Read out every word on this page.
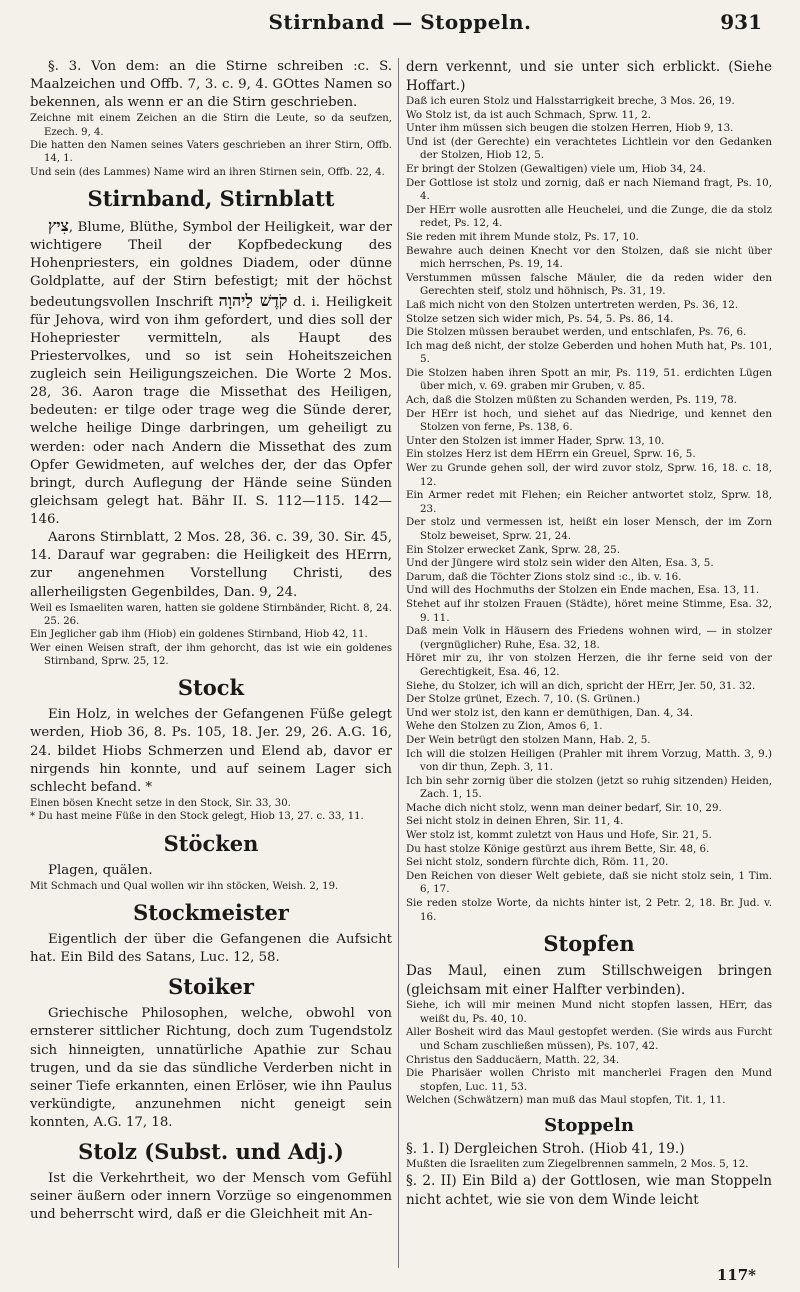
Stirnband — Stoppeln.	931

§. 3. Von dem: an die Stirne schreiben :c. S. Maalzeichen und Offb. 7, 3. c. 9, 4. GOttes Namen so bekennen, als wenn er an die Stirn geschrieben.

Zeichne mit einem Zeichen an die Stirn die Leute, so da seufzen, Ezech. 9, 4.

Die hatten den Namen seines Vaters geschrieben an ihrer Stirn, Offb. 14, 1.

Und sein (des Lammes) Name wird an ihren Stirnen sein, Offb. 22, 4.

Stirnband, Stirnblatt

צִיץ, Blume, Blüthe, Symbol der Heiligkeit, war der wichtigere Theil der Kopfbedeckung des Hohenpriesters, ein goldnes Diadem, oder dünne Goldplatte, auf der Stirn befestigt; mit der höchst bedeutungsvollen Inschrift קֹדֶשׁ לַיהוָה d. i. Heiligkeit für Jehova, wird von ihm gefordert, und dies soll der Hohepriester vermitteln, als Haupt des Priestervolkes, und so ist sein Hoheitszeichen zugleich sein Heiligungszeichen. Die Worte 2 Mos. 28, 36. Aaron trage die Missethat des Heiligen, bedeuten: er tilge oder trage weg die Sünde derer, welche heilige Dinge darbringen, um geheiligt zu werden: oder nach Andern die Missethat des zum Opfer Gewidmeten, auf welches der, der das Opfer bringt, durch Auflegung der Hände seine Sünden gleichsam gelegt hat. Bähr II. S. 112—115. 142—146.

Aarons Stirnblatt, 2 Mos. 28, 36. c. 39, 30. Sir. 45, 14. Darauf war gegraben: die Heiligkeit des HErrn, zur angenehmen Vorstellung Christi, des allerheiligsten Gegenbildes, Dan. 9, 24.

Weil es Ismaeliten waren, hatten sie goldene Stirnbänder, Richt. 8, 24. 25. 26.

Ein Jeglicher gab ihm (Hiob) ein goldenes Stirnband, Hiob 42, 11.

Wer einen Weisen straft, der ihm gehorcht, das ist wie ein goldenes Stirnband, Sprw. 25, 12.

Stock

Ein Holz, in welches der Gefangenen Füße gelegt werden, Hiob 36, 8. Ps. 105, 18. Jer. 29, 26. A.G. 16, 24. bildet Hiobs Schmerzen und Elend ab, davor er nirgends hin konnte, und auf seinem Lager sich schlecht befand. *

Einen bösen Knecht setze in den Stock, Sir. 33, 30.

* Du hast meine Füße in den Stock gelegt, Hiob 13, 27. c. 33, 11.

Stöcken

Plagen, quälen.

Mit Schmach und Qual wollen wir ihn stöcken, Weish. 2, 19.

Stockmeister

Eigentlich der über die Gefangenen die Aufsicht hat. Ein Bild des Satans, Luc. 12, 58.

Stoiker

Griechische Philosophen, welche, obwohl von ernsterer sittlicher Richtung, doch zum Tugendstolz sich hinneigten, unnatürliche Apathie zur Schau trugen, und da sie das sündliche Verderben nicht in seiner Tiefe erkannten, einen Erlöser, wie ihn Paulus verkündigte, anzunehmen nicht geneigt sein konnten, A.G. 17, 18.

Stolz (Subst. und Adj.)

Ist die Verkehrtheit, wo der Mensch vom Gefühl seiner äußern oder innern Vorzüge so eingenommen und beherrscht wird, daß er die Gleichheit mit An-

dern verkennt, und sie unter sich erblickt. (Siehe Hoffart.)

Daß ich euren Stolz und Halsstarrigkeit breche, 3 Mos. 26, 19.

Wo Stolz ist, da ist auch Schmach, Sprw. 11, 2.

Unter ihm müssen sich beugen die stolzen Herren, Hiob 9, 13.

Und ist (der Gerechte) ein verachtetes Lichtlein vor den Gedanken der Stolzen, Hiob 12, 5.

Er bringt der Stolzen (Gewaltigen) viele um, Hiob 34, 24.

Der Gottlose ist stolz und zornig, daß er nach Niemand fragt, Ps. 10, 4.

Der HErr wolle ausrotten alle Heuchelei, und die Zunge, die da stolz redet, Ps. 12, 4.

Sie reden mit ihrem Munde stolz, Ps. 17, 10.

Bewahre auch deinen Knecht vor den Stolzen, daß sie nicht über mich herrschen, Ps. 19, 14.

Verstummen müssen falsche Mäuler, die da reden wider den Gerechten steif, stolz und höhnisch, Ps. 31, 19.

Laß mich nicht von den Stolzen untertreten werden, Ps. 36, 12.

Stolze setzen sich wider mich, Ps. 54, 5. Ps. 86, 14.

Die Stolzen müssen beraubet werden, und entschlafen, Ps. 76, 6.

Ich mag deß nicht, der stolze Geberden und hohen Muth hat, Ps. 101, 5.

Die Stolzen haben ihren Spott an mir, Ps. 119, 51. erdichten Lügen über mich, v. 69. graben mir Gruben, v. 85.

Ach, daß die Stolzen müßten zu Schanden werden, Ps. 119, 78.

Der HErr ist hoch, und siehet auf das Niedrige, und kennet den Stolzen von ferne, Ps. 138, 6.

Unter den Stolzen ist immer Hader, Sprw. 13, 10.

Ein stolzes Herz ist dem HErrn ein Greuel, Sprw. 16, 5.

Wer zu Grunde gehen soll, der wird zuvor stolz, Sprw. 16, 18. c. 18, 12.

Ein Armer redet mit Flehen; ein Reicher antwortet stolz, Sprw. 18, 23.

Der stolz und vermessen ist, heißt ein loser Mensch, der im Zorn Stolz beweiset, Sprw. 21, 24.

Ein Stolzer erwecket Zank, Sprw. 28, 25.

Und der Jüngere wird stolz sein wider den Alten, Esa. 3, 5.

Darum, daß die Töchter Zions stolz sind :c., ib. v. 16.

Und will des Hochmuths der Stolzen ein Ende machen, Esa. 13, 11.

Stehet auf ihr stolzen Frauen (Städte), höret meine Stimme, Esa. 32, 9. 11.

Daß mein Volk in Häusern des Friedens wohnen wird, — in stolzer (vergnüglicher) Ruhe, Esa. 32, 18.

Höret mir zu, ihr von stolzen Herzen, die ihr ferne seid von der Gerechtigkeit, Esa. 46, 12.

Siehe, du Stolzer, ich will an dich, spricht der HErr, Jer. 50, 31. 32.

Der Stolze grünet, Ezech. 7, 10. (S. Grünen.)

Und wer stolz ist, den kann er demüthigen, Dan. 4, 34.

Wehe den Stolzen zu Zion, Amos 6, 1.

Der Wein betrügt den stolzen Mann, Hab. 2, 5.

Ich will die stolzen Heiligen (Prahler mit ihrem Vorzug, Matth. 3, 9.) von dir thun, Zeph. 3, 11.

Ich bin sehr zornig über die stolzen (jetzt so ruhig sitzenden) Heiden, Zach. 1, 15.

Mache dich nicht stolz, wenn man deiner bedarf, Sir. 10, 29.

Sei nicht stolz in deinen Ehren, Sir. 11, 4.

Wer stolz ist, kommt zuletzt von Haus und Hofe, Sir. 21, 5.

Du hast stolze Könige gestürzt aus ihrem Bette, Sir. 48, 6.

Sei nicht stolz, sondern fürchte dich, Röm. 11, 20.

Den Reichen von dieser Welt gebiete, daß sie nicht stolz sein, 1 Tim. 6, 17.

Sie reden stolze Worte, da nichts hinter ist, 2 Petr. 2, 18. Br. Jud. v. 16.

Stopfen

Das Maul, einen zum Stillschweigen bringen (gleichsam mit einer Halfter verbinden).

Siehe, ich will mir meinen Mund nicht stopfen lassen, HErr, das weißt du, Ps. 40, 10.

Aller Bosheit wird das Maul gestopfet werden. (Sie wirds aus Furcht und Scham zuschließen müssen), Ps. 107, 42.

Christus den Sadducäern, Matth. 22, 34.

Die Pharisäer wollen Christo mit mancherlei Fragen den Mund stopfen, Luc. 11, 53.

Welchen (Schwätzern) man muß das Maul stopfen, Tit. 1, 11.

Stoppeln

§. 1. I) Dergleichen Stroh. (Hiob 41, 19.)

Mußten die Israeliten zum Ziegelbrennen sammeln, 2 Mos. 5, 12.

§. 2. II) Ein Bild a) der Gottlosen, wie man Stoppeln nicht achtet, wie sie von dem Winde leicht

117*
